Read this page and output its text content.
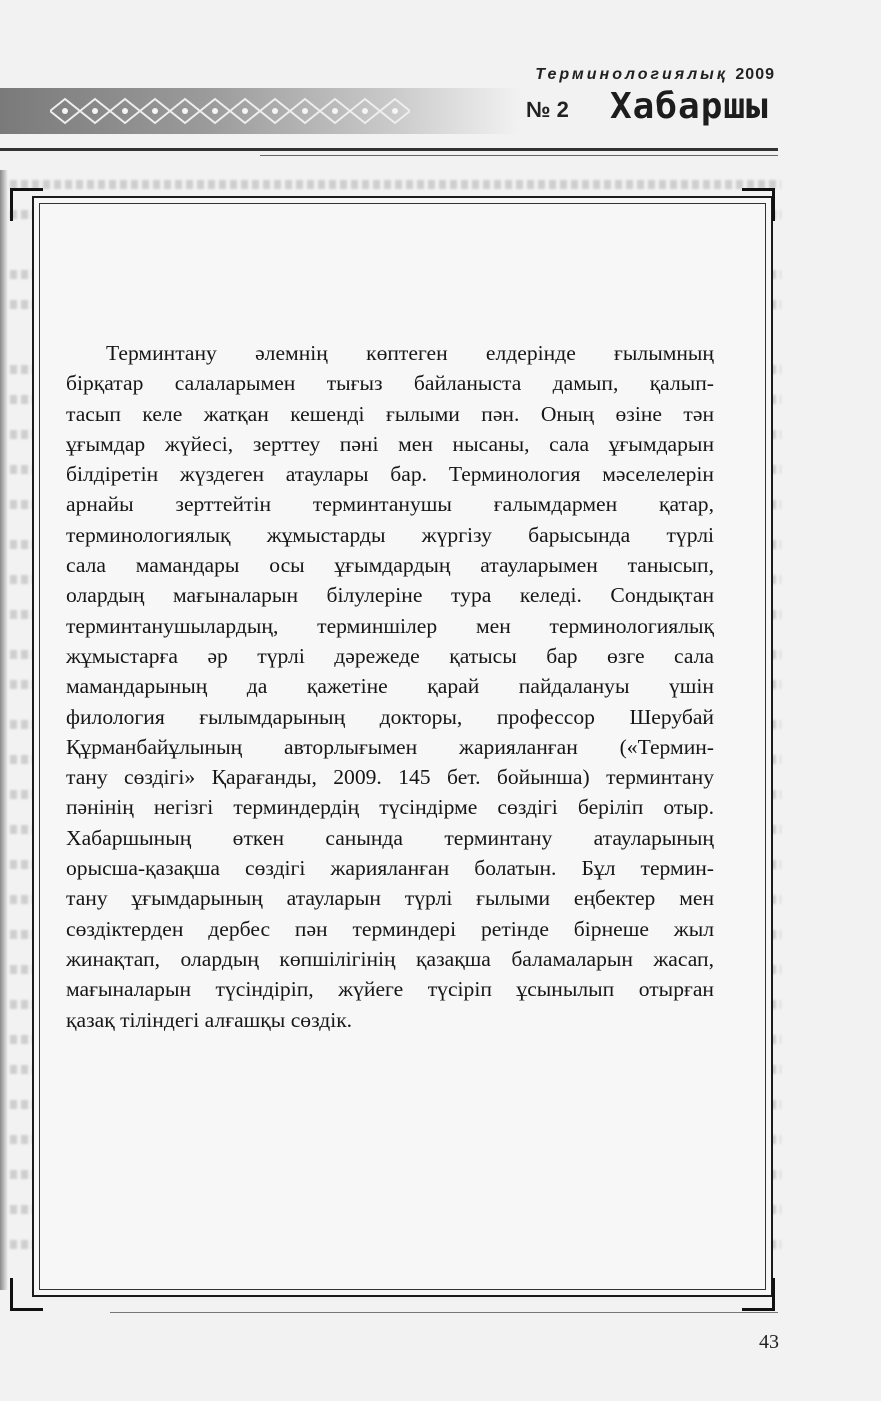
Терминологиялық 2009
№ 2 Хабаршы
Терминтану әлемнің көптеген елдерінде ғылымның
бірқатар салаларымен тығыз байланыста дамып, қалып-
тасып келе жатқан кешенді ғылыми пән. Оның өзіне тән
ұғымдар жүйесі, зерттеу пәні мен нысаны, сала ұғымдарын
білдіретін жүздеген атаулары бар. Терминология мәселелерін
арнайы зерттейтін терминтанушы ғалымдармен қатар,
терминологиялық жұмыстарды жүргізу барысында түрлі
сала мамандары осы ұғымдардың атауларымен танысып,
олардың мағыналарын білулеріне тура келеді. Сондықтан
терминтанушылардың, терминшілер мен терминологиялық
жұмыстарға әр түрлі дәрежеде қатысы бар өзге сала
мамандарының да қажетіне қарай пайдалануы үшін
филология ғылымдарының докторы, профессор Шерубай
Құрманбайұлының авторлығымен жарияланған («Термин-
тану сөздігі» Қарағанды, 2009. 145 бет. бойынша) терминтану
пәнінің негізгі терминдердің түсіндірме сөздігі беріліп отыр.
Хабаршының өткен санында терминтану атауларының
орысша-қазақша сөздігі жарияланған болатын. Бұл термин-
тану ұғымдарының атауларын түрлі ғылыми еңбектер мен
сөздіктерден дербес пән терминдері ретінде бірнеше жыл
жинақтап, олардың көпшілігінің қазақша баламаларын жасап,
мағыналарын түсіндіріп, жүйеге түсіріп ұсынылып отырған
қазақ тіліндегі алғашқы сөздік.
43
